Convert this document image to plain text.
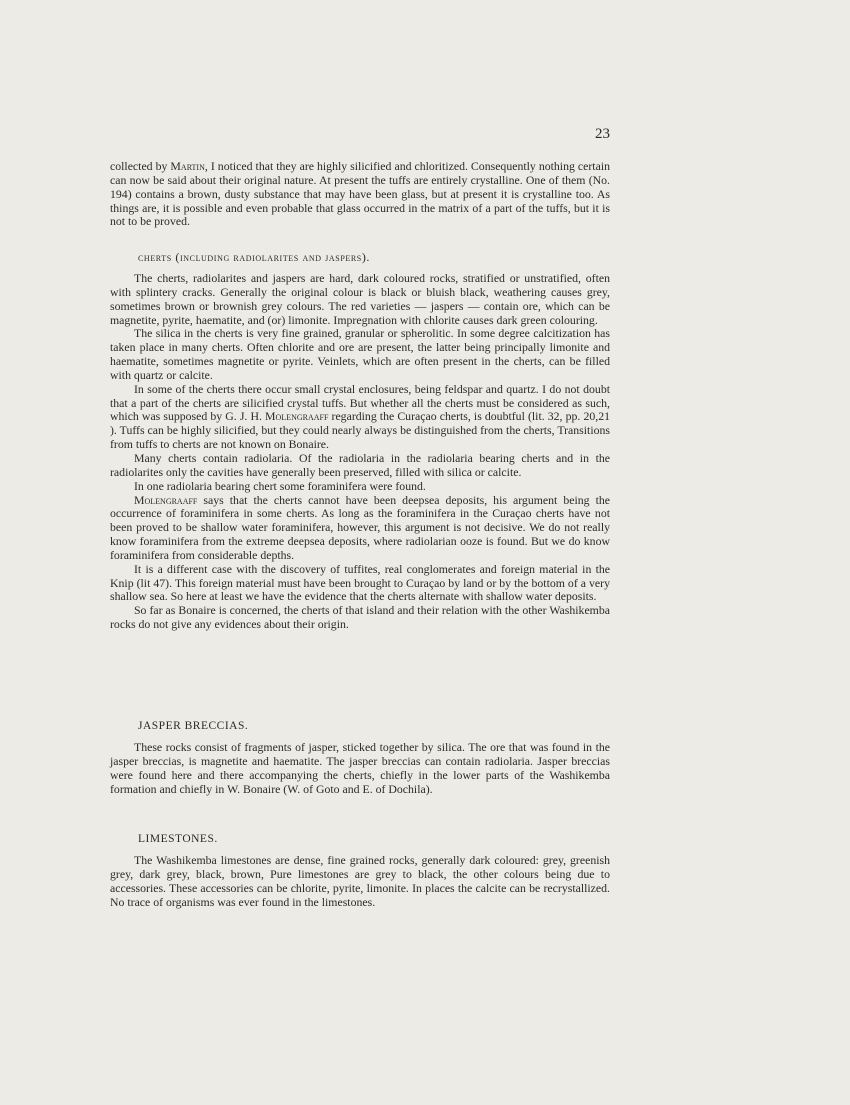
23

collected by Martin, I noticed that they are highly silicified and chloritized. Consequently nothing certain can now be said about their original nature. At present the tuffs are entirely crystalline. One of them (No. 194) contains a brown, dusty substance that may have been glass, but at present it is crystalline too. As things are, it is possible and even probable that glass occurred in the matrix of a part of the tuffs, but it is not to be proved.

cherts (including radiolarites and jaspers).

The cherts, radiolarites and jaspers are hard, dark coloured rocks, stratified or unstratified, often with splintery cracks. Generally the original colour is black or bluish black, weathering causes grey, sometimes brown or brownish grey colours. The red varieties — jaspers — contain ore, which can be magnetite, pyrite, haematite, and (or) limonite. Impregnation with chlorite causes dark green colouring.

The silica in the cherts is very fine grained, granular or spherolitic. In some degree calcitization has taken place in many cherts. Often chlorite and ore are present, the latter being principally limonite and haematite, sometimes magnetite or pyrite. Veinlets, which are often present in the cherts, can be filled with quartz or calcite.

In some of the cherts there occur small crystal enclosures, being feldspar and quartz. I do not doubt that a part of the cherts are silicified crystal tuffs. But whether all the cherts must be considered as such, which was supposed by G. J. H. Molengraaff regarding the Curaçao cherts, is doubtful (lit. 32, pp. 20,21 ). Tuffs can be highly silicified, but they could nearly always be distinguished from the cherts, Transitions from tuffs to cherts are not known on Bonaire.

Many cherts contain radiolaria. Of the radiolaria in the radiolaria bearing cherts and in the radiolarites only the cavities have generally been preserved, filled with silica or calcite.

In one radiolaria bearing chert some foraminifera were found.

Molengraaff says that the cherts cannot have been deepsea deposits, his argument being the occurrence of foraminifera in some cherts. As long as the foraminifera in the Curaçao cherts have not been proved to be shallow water foraminifera, however, this argument is not decisive. We do not really know foraminifera from the extreme deepsea deposits, where radiolarian ooze is found. But we do know foraminifera from considerable depths.

It is a different case with the discovery of tuffites, real conglomerates and foreign material in the Knip (lit 47). This foreign material must have been brought to Curaçao by land or by the bottom of a very shallow sea. So here at least we have the evidence that the cherts alternate with shallow water deposits.

So far as Bonaire is concerned, the cherts of that island and their relation with the other Washikemba rocks do not give any evidences about their origin.

JASPER BRECCIAS.

These rocks consist of fragments of jasper, sticked together by silica. The ore that was found in the jasper breccias, is magnetite and haematite. The jasper breccias can contain radiolaria. Jasper breccias were found here and there accompanying the cherts, chiefly in the lower parts of the Washikemba formation and chiefly in W. Bonaire (W. of Goto and E. of Dochila).

LIMESTONES.

The Washikemba limestones are dense, fine grained rocks, generally dark coloured: grey, greenish grey, dark grey, black, brown, Pure limestones are grey to black, the other colours being due to accessories. These accessories can be chlorite, pyrite, limonite. In places the calcite can be recrystallized. No trace of organisms was ever found in the limestones.
